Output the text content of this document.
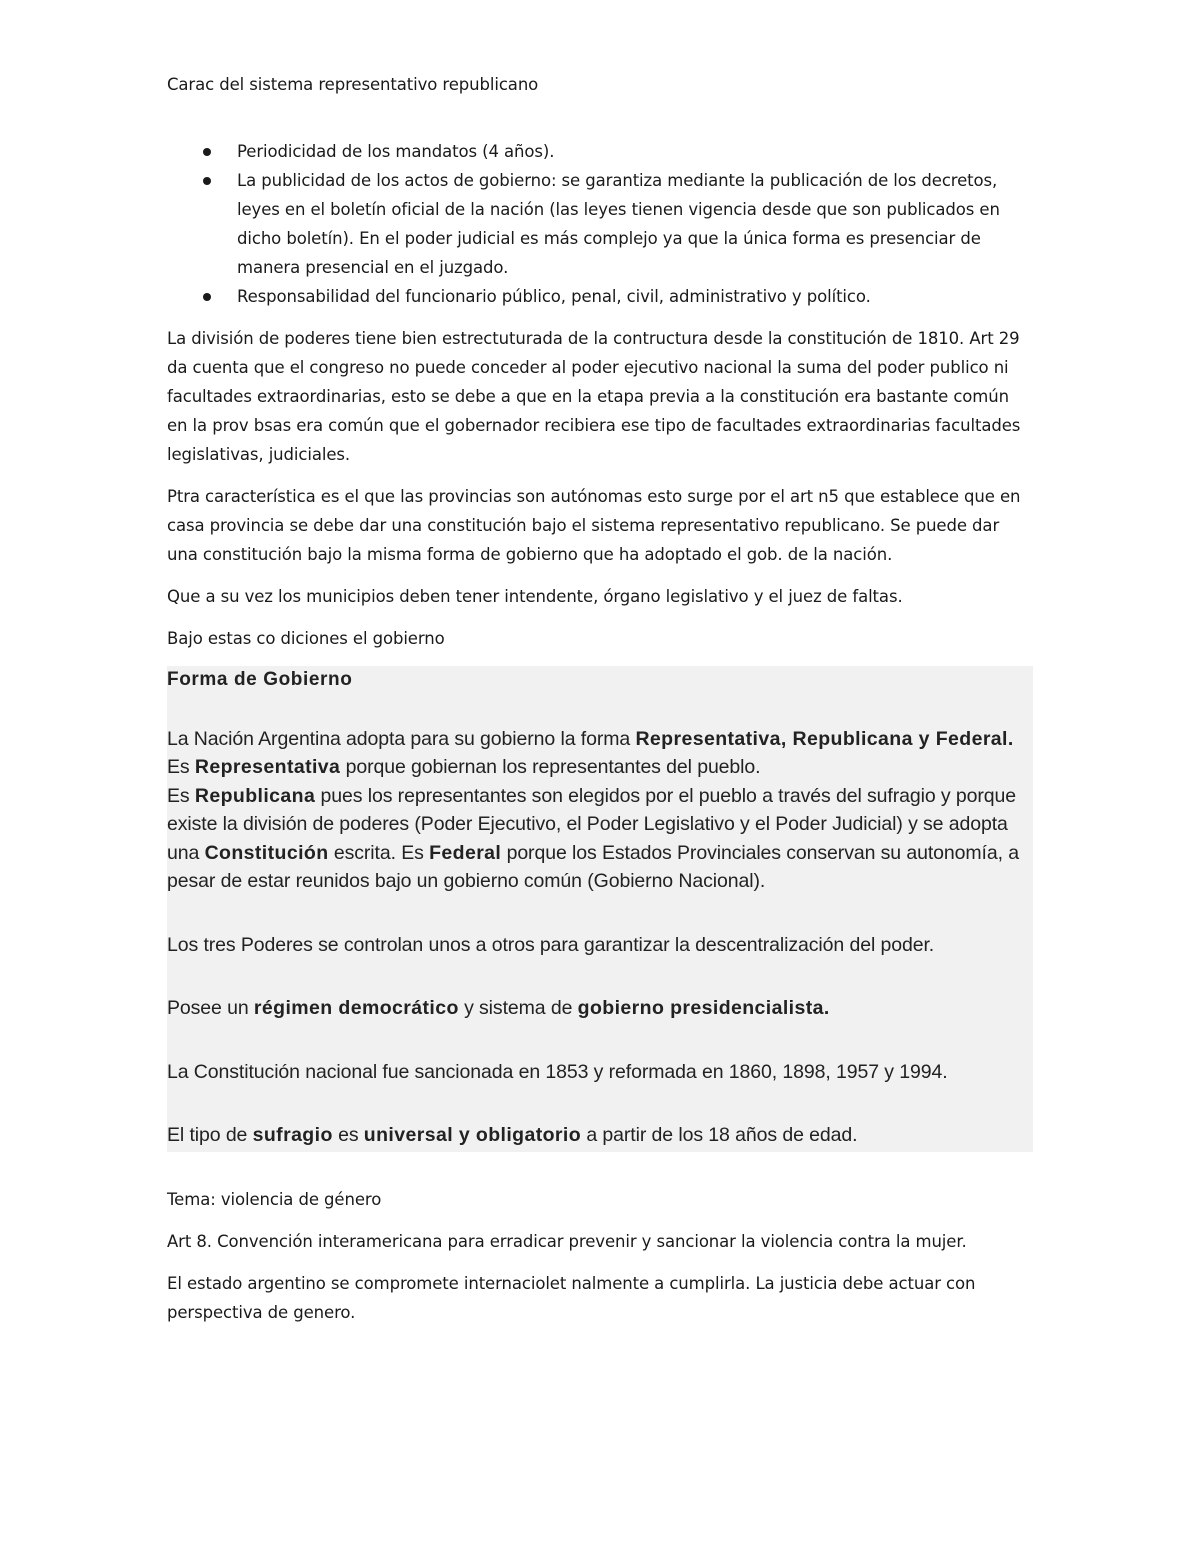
Carac del sistema representativo republicano
Periodicidad de los mandatos (4 años).
La publicidad de los actos de gobierno: se garantiza mediante la publicación de los decretos, leyes en el boletín oficial de la nación (las leyes tienen vigencia desde que son publicados en dicho boletín). En el poder judicial es más complejo ya que la única forma es presenciar de manera presencial en el juzgado.
Responsabilidad del funcionario público, penal, civil, administrativo y político.
La división de poderes tiene bien estrectuturada de la contructura desde la constitución de 1810. Art 29 da cuenta que el congreso no puede conceder al poder ejecutivo nacional la suma del poder publico ni facultades extraordinarias, esto se debe a que en la etapa previa a la constitución era bastante común en la prov bsas era común que el gobernador recibiera ese tipo de facultades extraordinarias facultades legislativas, judiciales.
Ptra característica es el que las provincias son autónomas esto surge por el art n5 que establece que en casa provincia se debe dar una constitución bajo el sistema representativo republicano. Se puede dar una constitución bajo la misma forma de gobierno que ha adoptado el gob. de la nación.
Que a su vez los municipios deben tener intendente, órgano legislativo y el juez de faltas.
Bajo estas co diciones el gobierno
Forma de Gobierno
La Nación Argentina adopta para su gobierno la forma Representativa, Republicana y Federal. Es Representativa porque gobiernan los representantes del pueblo.
Es Republicana pues los representantes son elegidos por el pueblo a través del sufragio y porque existe la división de poderes (Poder Ejecutivo, el Poder Legislativo y el Poder Judicial) y se adopta una Constitución escrita. Es Federal porque los Estados Provinciales conservan su autonomía, a pesar de estar reunidos bajo un gobierno común (Gobierno Nacional).
Los tres Poderes se controlan unos a otros para garantizar la descentralización del poder.
Posee un régimen democrático y sistema de gobierno presidencialista.
La Constitución nacional fue sancionada en 1853 y reformada en 1860, 1898, 1957 y 1994.
El tipo de sufragio es universal y obligatorio a partir de los 18 años de edad.
Tema: violencia de género
Art 8. Convención interamericana para erradicar prevenir y sancionar la violencia contra la mujer.
El estado argentino se compromete internaciolet nalmente a cumplirla. La justicia debe actuar con perspectiva de genero.
